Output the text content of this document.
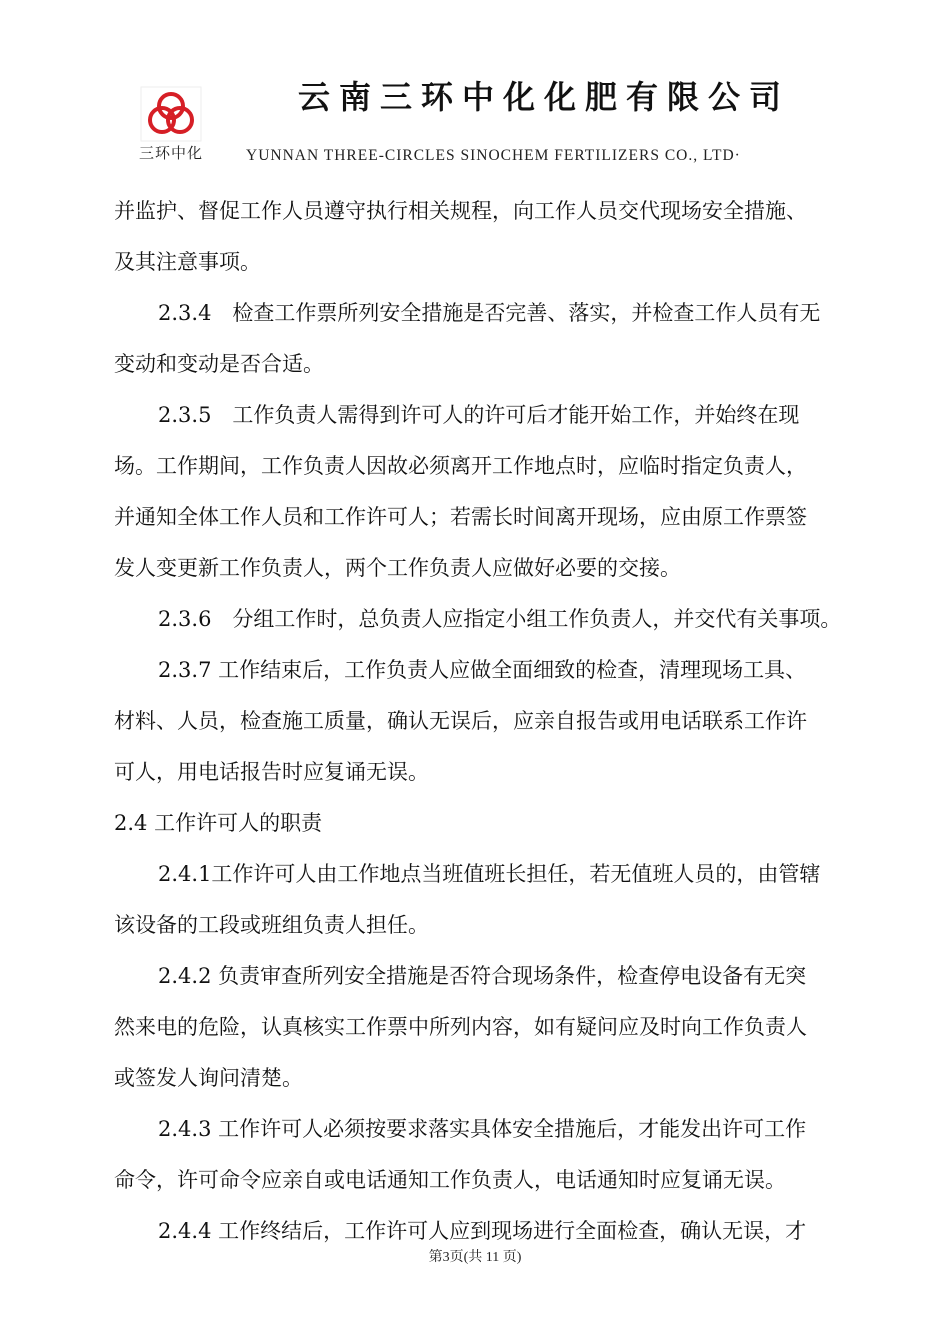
三环中化
云南三环中化化肥有限公司
YUNNAN THREE-CIRCLES SINOCHEM FERTILIZERS CO., LTD·

并监护、督促工作人员遵守执行相关规程，向工作人员交代现场安全措施、

及其注意事项。

2.3.4　检查工作票所列安全措施是否完善、落实，并检查工作人员有无

变动和变动是否合适。

2.3.5　工作负责人需得到许可人的许可后才能开始工作，并始终在现

场。工作期间，工作负责人因故必须离开工作地点时，应临时指定负责人，

并通知全体工作人员和工作许可人；若需长时间离开现场，应由原工作票签

发人变更新工作负责人，两个工作负责人应做好必要的交接。

2.3.6　分组工作时，总负责人应指定小组工作负责人，并交代有关事项。

2.3.7 工作结束后，工作负责人应做全面细致的检查，清理现场工具、

材料、人员，检查施工质量，确认无误后，应亲自报告或用电话联系工作许

可人，用电话报告时应复诵无误。

2.4 工作许可人的职责

2.4.1工作许可人由工作地点当班值班长担任，若无值班人员的，由管辖

该设备的工段或班组负责人担任。

2.4.2 负责审查所列安全措施是否符合现场条件，检查停电设备有无突

然来电的危险，认真核实工作票中所列内容，如有疑问应及时向工作负责人

或签发人询问清楚。

2.4.3 工作许可人必须按要求落实具体安全措施后，才能发出许可工作

命令，许可命令应亲自或电话通知工作负责人，电话通知时应复诵无误。

2.4.4 工作终结后，工作许可人应到现场进行全面检查，确认无误，才

第3页(共 11 页)
